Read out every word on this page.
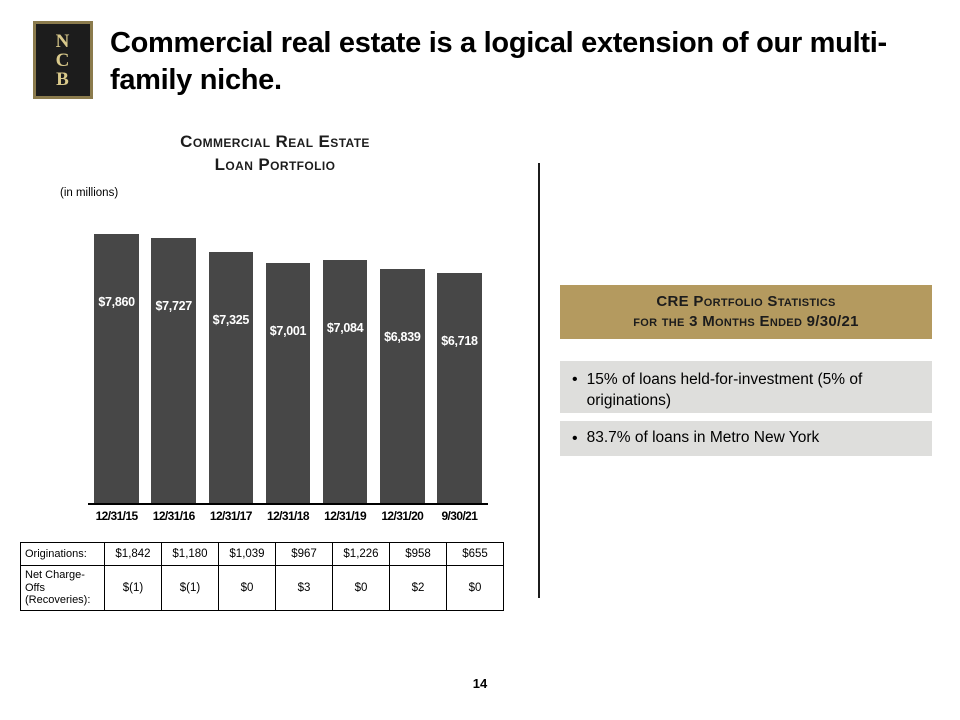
N
C
B
Commercial real estate is a logical extension of our multi-family niche.
Commercial Real Estate
Loan Portfolio
(in millions)
$7,860	$7,727
$7,325
$7,001	$7,084
$6,839	$6,718
12/31/15	12/31/16	12/31/17	12/31/18	12/31/19	12/31/20	9/30/21
Originations:	$1,842	$1,180	$1,039	$967	$1,226	$958	$655
Net Charge-Offs (Recoveries):	$(1)	$(1)	$0	$3	$0	$2	$0
CRE Portfolio Statistics
for the 3 Months Ended 9/30/21
• 15% of loans held-for-investment (5% of originations)
• 83.7% of loans in Metro New York
14
